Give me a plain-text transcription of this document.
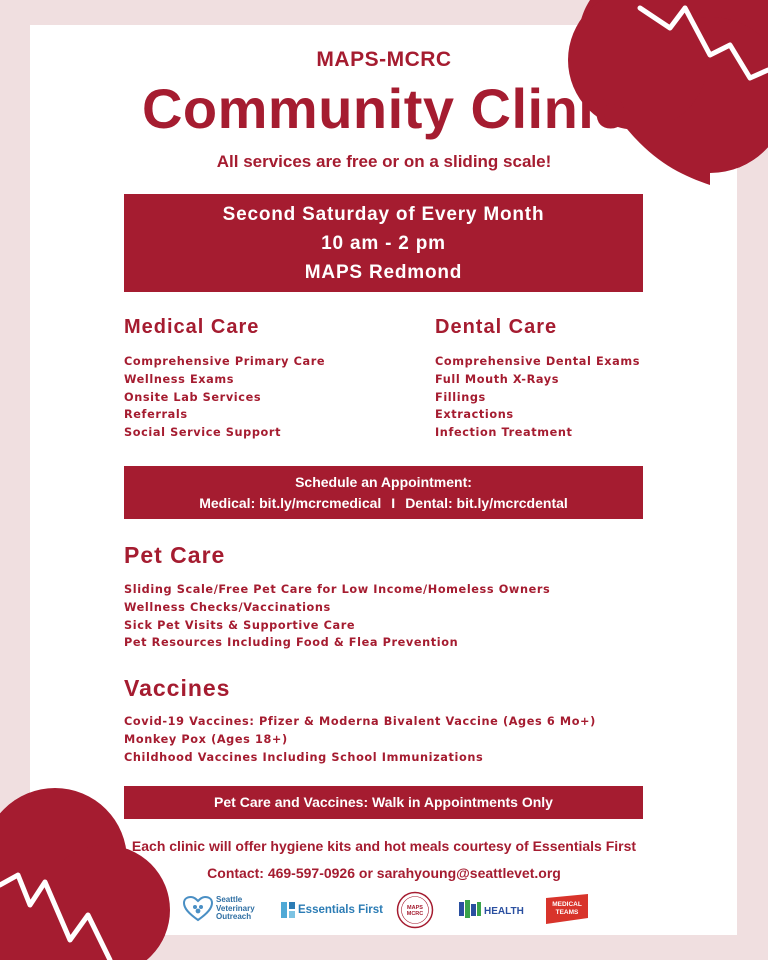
MAPS-MCRC
Community Clinic
All services are free or on a sliding scale!
Second Saturday of Every Month
10 am - 2 pm
MAPS Redmond
Medical Care
Comprehensive Primary Care
Wellness Exams
Onsite Lab Services
Referrals
Social Service Support
Dental Care
Comprehensive Dental Exams
Full Mouth X-Rays
Fillings
Extractions
Infection Treatment
Schedule an Appointment:
Medical: bit.ly/mcrcmedical I Dental: bit.ly/mcrcdental
Pet Care
Sliding Scale/Free Pet Care for Low Income/Homeless Owners
Wellness Checks/Vaccinations
Sick Pet Visits & Supportive Care
Pet Resources Including Food & Flea Prevention
Vaccines
Covid-19 Vaccines: Pfizer & Moderna Bivalent Vaccine (Ages 6 Mo+)
Monkey Pox (Ages 18+)
Childhood Vaccines Including School Immunizations
Pet Care and Vaccines: Walk in Appointments Only
Each clinic will offer hygiene kits and hot meals courtesy of Essentials First
Contact: 469-597-0926 or sarahyoung@seattlevet.org
Seattle
Veterinary
Outreach
Essentials First	MAPS
MCRC	HEALTH
MEDICAL
TEAMS
